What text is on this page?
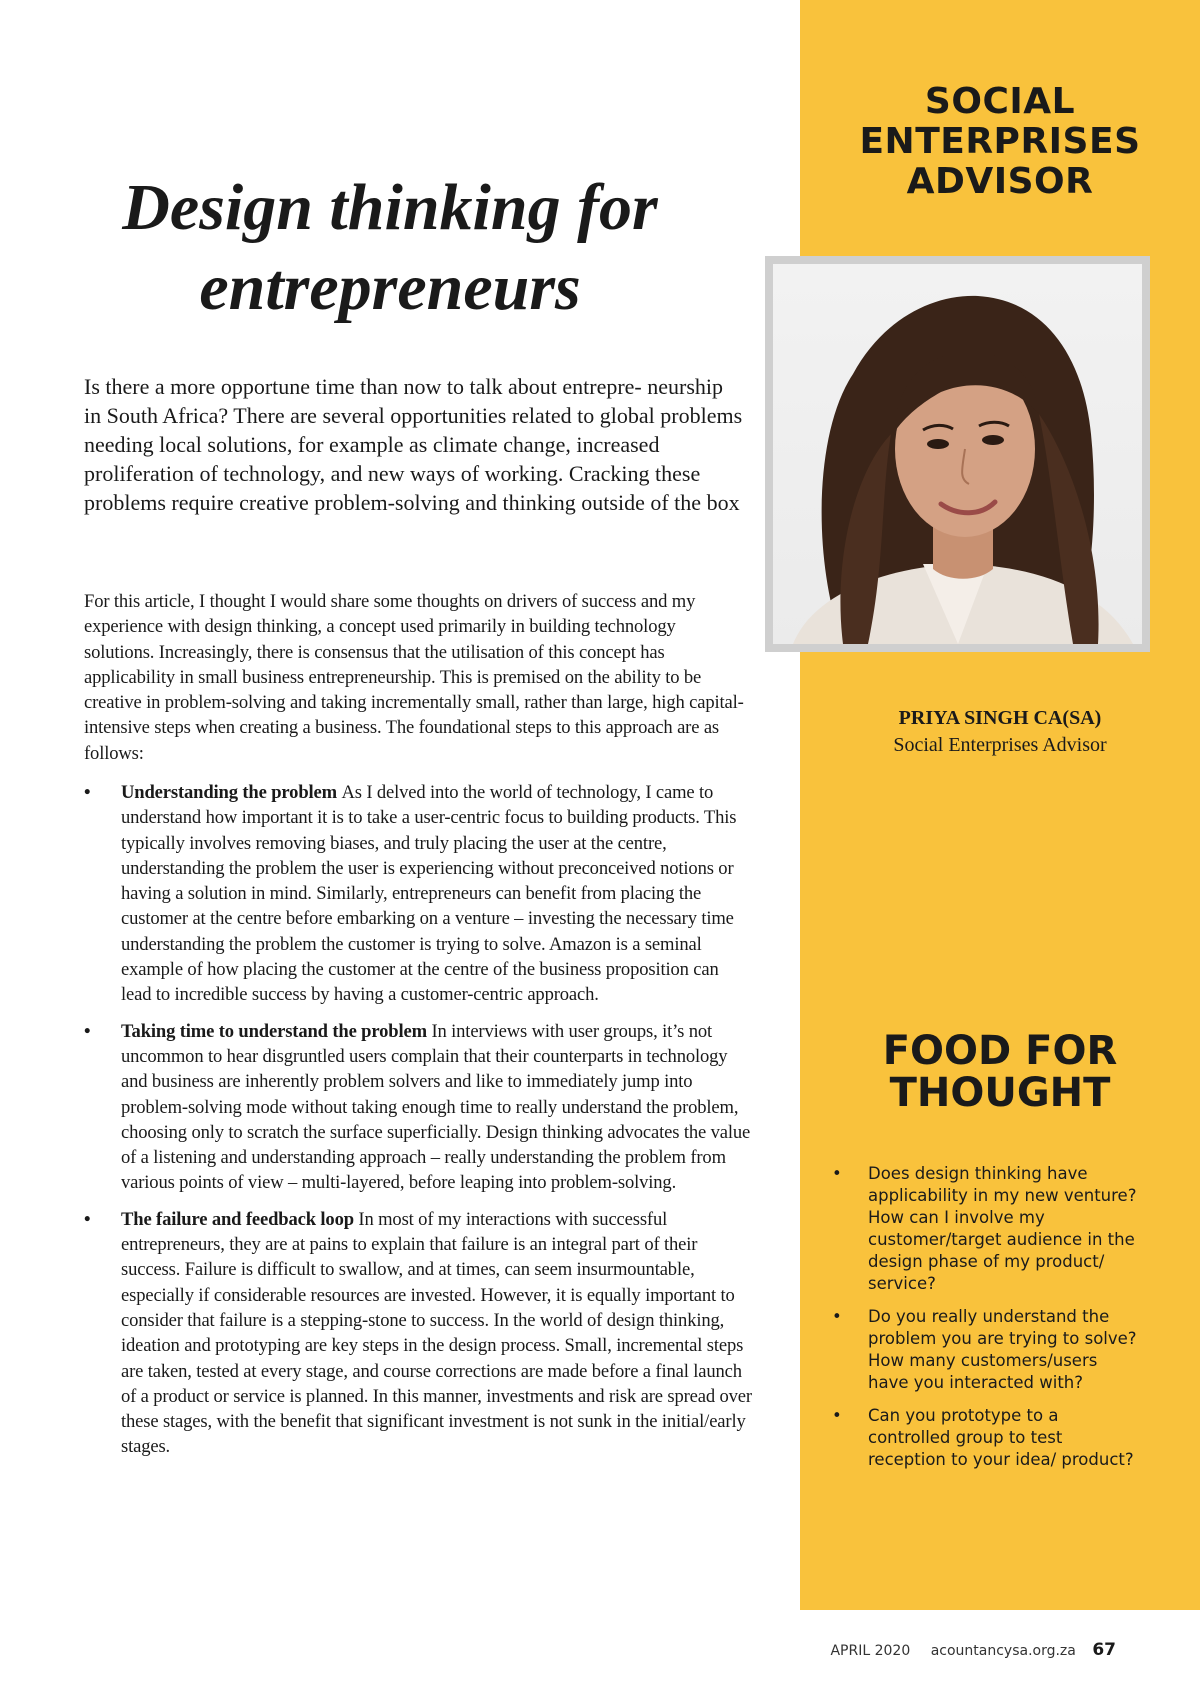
SOCIAL
ENTERPRISES
ADVISOR
PRIYA SINGH CA(SA)
Social Enterprises Advisor
FOOD FOR
THOUGHT
• Does design thinking have applicability in my new venture? How can I involve my customer/target audience in the design phase of my product/ service?
• Do you really understand the problem you are trying to solve? How many customers/users have you interacted with?
• Can you prototype to a controlled group to test reception to your idea/ product?
Design thinking for
entrepreneurs

Is there a more opportune time than now to talk about entrepre- neurship in South Africa? There are several opportunities related to global problems needing local solutions, for example as climate change, increased proliferation of technology, and new ways of working. Cracking these problems require creative problem-solving and thinking outside of the box

For this article, I thought I would share some thoughts on drivers of success and my experience with design thinking, a concept used primarily in building technology solutions. Increasingly, there is consensus that the utilisation of this concept has applicability in small business entrepreneurship. This is premised on the ability to be creative in problem-solving and taking incrementally small, rather than large, high capital-intensive steps when creating a business. The foundational steps to this approach are as follows:

• Understanding the problem As I delved into the world of technology, I came to understand how important it is to take a user-centric focus to building products. This typically involves removing biases, and truly placing the user at the centre, understanding the problem the user is experiencing without preconceived notions or having a solution in mind. Similarly, entrepreneurs can benefit from placing the customer at the centre before embarking on a venture – investing the necessary time understanding the problem the customer is trying to solve. Amazon is a seminal example of how placing the customer at the centre of the business proposition can lead to incredible success by having a customer-centric approach.
• Taking time to understand the problem In interviews with user groups, it’s not uncommon to hear disgruntled users complain that their counterparts in technology and business are inherently problem solvers and like to immediately jump into problem-solving mode without taking enough time to really understand the problem, choosing only to scratch the surface superficially. Design thinking advocates the value of a listening and understanding approach – really understanding the problem from various points of view – multi-layered, before leaping into problem-solving.
• The failure and feedback loop In most of my interactions with successful entrepreneurs, they are at pains to explain that failure is an integral part of their success. Failure is difficult to swallow, and at times, can seem insurmountable, especially if considerable resources are invested. However, it is equally important to consider that failure is a stepping-stone to success. In the world of design thinking, ideation and prototyping are key steps in the design process. Small, incremental steps are taken, tested at every stage, and course corrections are made before a final launch of a product or service is planned. In this manner, investments and risk are spread over these stages, with the benefit that significant investment is not sunk in the initial/early stages.
APRIL 2020 acountancysa.org.za 67
